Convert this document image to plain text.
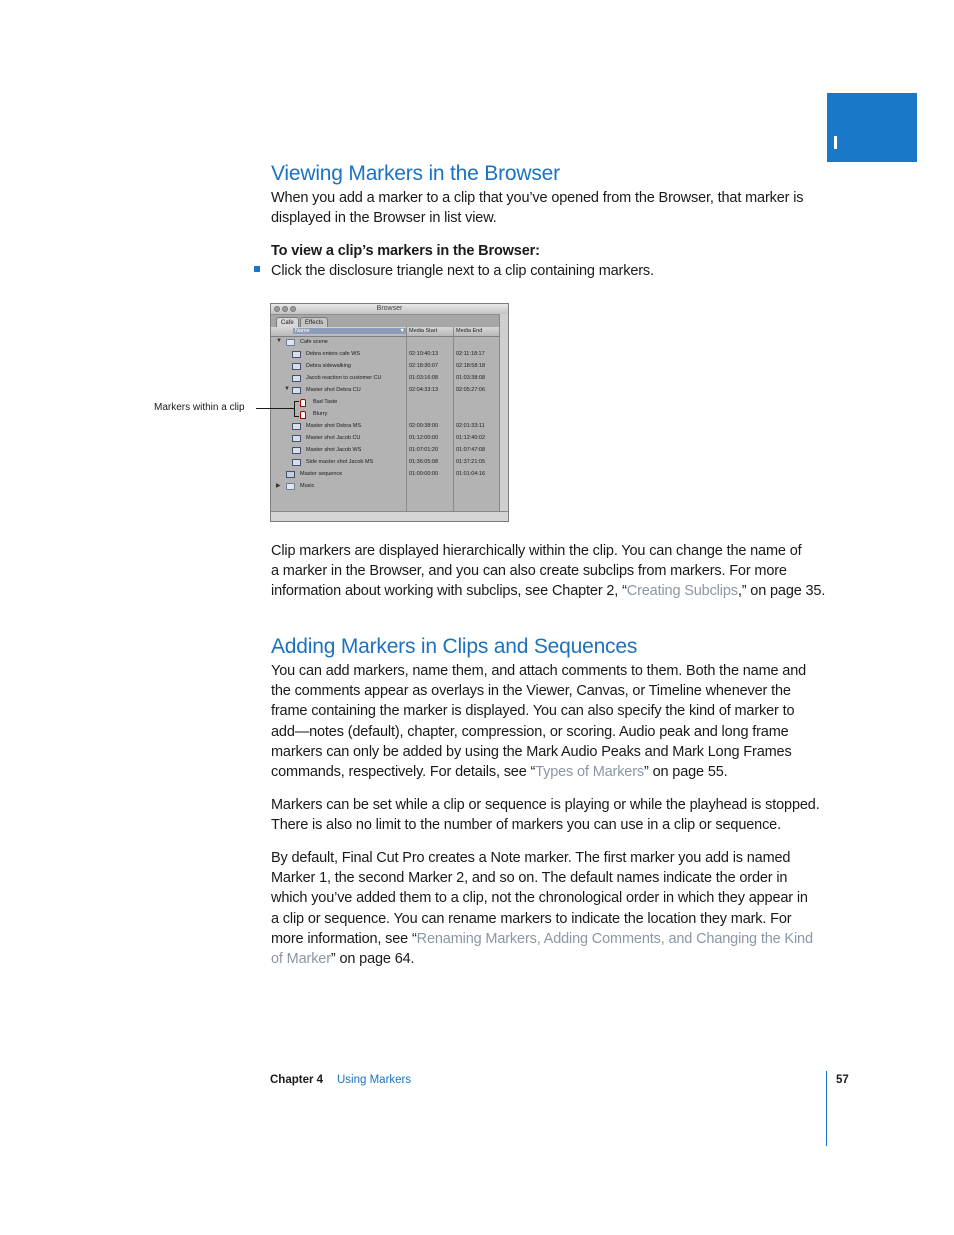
Viewing Markers in the Browser

When you add a marker to a clip that you’ve opened from the Browser, that marker is
displayed in the Browser in list view.

To view a clip’s markers in the Browser:

Click the disclosure triangle next to a clip containing markers.

Browser
Cafe	Effects
Name	▼ Media Start	Media End
▼	Cafe scene
Debra enters cafe WS	02:10:40:13	02:11:18:17
Debra sidewalking	02:18:30:07	02:18:58:18
Jacob reaction to customer CU	01:03:16:08	01:03:38:08
▼	Master shot Debra CU	02:04:33:13	02:05:27:06
Bad Taste
Blurry
Master shot Debra MS	02:00:38:00	02:01:33:11
Master shot Jacob CU	01:12:00:00	01:12:40:02
Master shot Jacob WS	01:07:01:20	01:07:47:08
Side master shot Jacob MS	01:36:05:08	01:37:21:05
Master sequence	01:00:00:00	01:01:04:16
▶	Music
Markers within a clip

Clip markers are displayed hierarchically within the clip. You can change the name of
a marker in the Browser, and you can also create subclips from markers. For more
information about working with subclips, see Chapter 2, “Creating Subclips,” on page 35.

Adding Markers in Clips and Sequences

You can add markers, name them, and attach comments to them. Both the name and
the comments appear as overlays in the Viewer, Canvas, or Timeline whenever the
frame containing the marker is displayed. You can also specify the kind of marker to
add—notes (default), chapter, compression, or scoring. Audio peak and long frame
markers can only be added by using the Mark Audio Peaks and Mark Long Frames
commands, respectively. For details, see “Types of Markers” on page 55.

Markers can be set while a clip or sequence is playing or while the playhead is stopped.
There is also no limit to the number of markers you can use in a clip or sequence.

By default, Final Cut Pro creates a Note marker. The first marker you add is named
Marker 1, the second Marker 2, and so on. The default names indicate the order in
which you’ve added them to a clip, not the chronological order in which they appear in
a clip or sequence. You can rename markers to indicate the location they mark. For
more information, see “Renaming Markers, Adding Comments, and Changing the Kind
of Marker” on page 64.

Chapter 4 Using Markers	57
